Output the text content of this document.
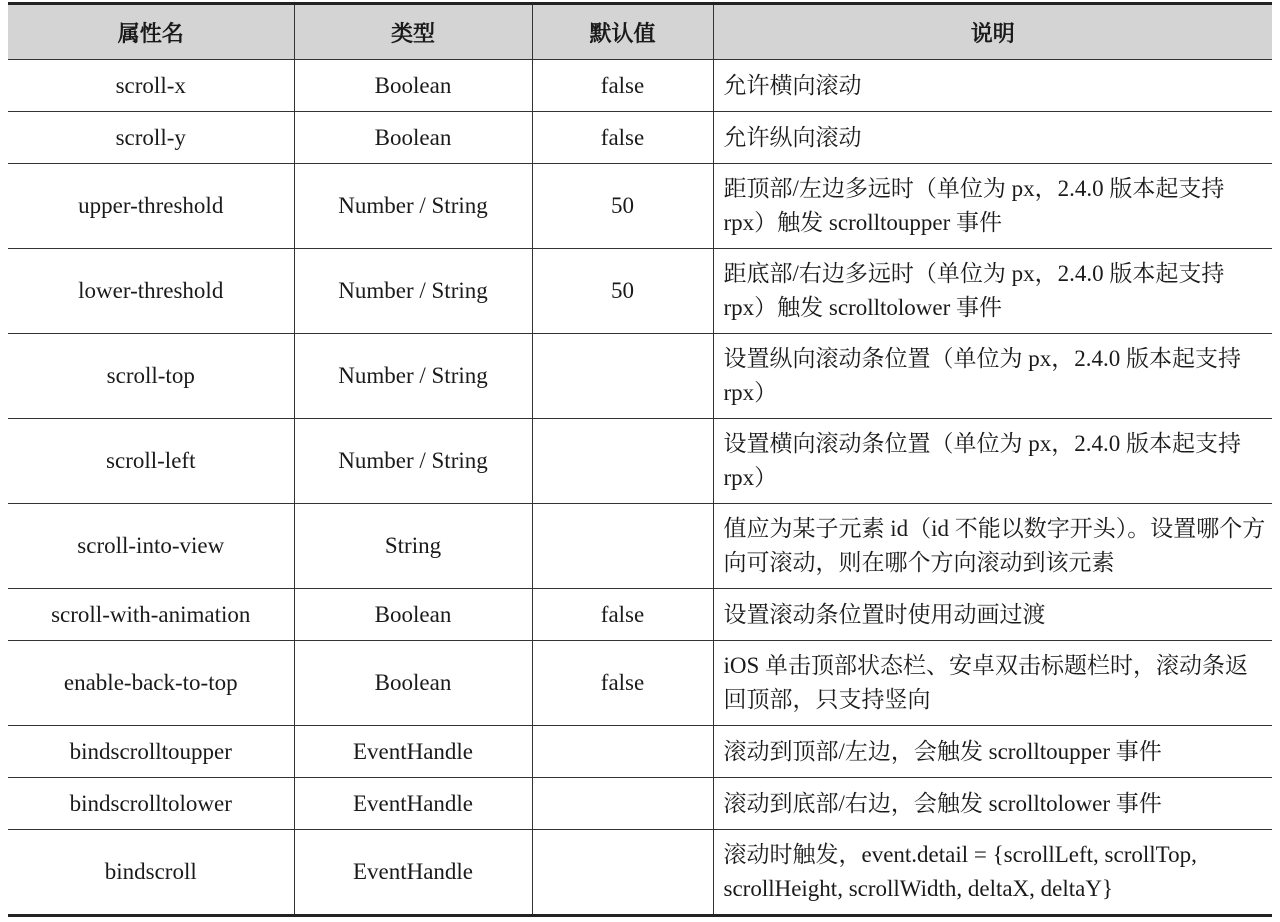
属性名	类型	默认值	说明
scroll-x	Boolean	false	允许横向滚动
scroll-y	Boolean	false	允许纵向滚动
upper-threshold	Number / String	50	距顶部/左边多远时（单位为 px，2.4.0 版本起支持 rpx）触发 scrolltoupper 事件
lower-threshold	Number / String	50	距底部/右边多远时（单位为 px，2.4.0 版本起支持 rpx）触发 scrolltolower 事件
scroll-top	Number / String		设置纵向滚动条位置（单位为 px，2.4.0 版本起支持 rpx）
scroll-left	Number / String		设置横向滚动条位置（单位为 px，2.4.0 版本起支持 rpx）
scroll-into-view	String		值应为某子元素 id（id 不能以数字开头）。设置哪个方向可滚动，则在哪个方向滚动到该元素
scroll-with-animation	Boolean	false	设置滚动条位置时使用动画过渡
enable-back-to-top	Boolean	false	iOS 单击顶部状态栏、安卓双击标题栏时，滚动条返回顶部，只支持竖向
bindscrolltoupper	EventHandle		滚动到顶部/左边，会触发 scrolltoupper 事件
bindscrolltolower	EventHandle		滚动到底部/右边，会触发 scrolltolower 事件
bindscroll	EventHandle		滚动时触发，event.detail = {scrollLeft, scrollTop, scrollHeight, scrollWidth, deltaX, deltaY}
